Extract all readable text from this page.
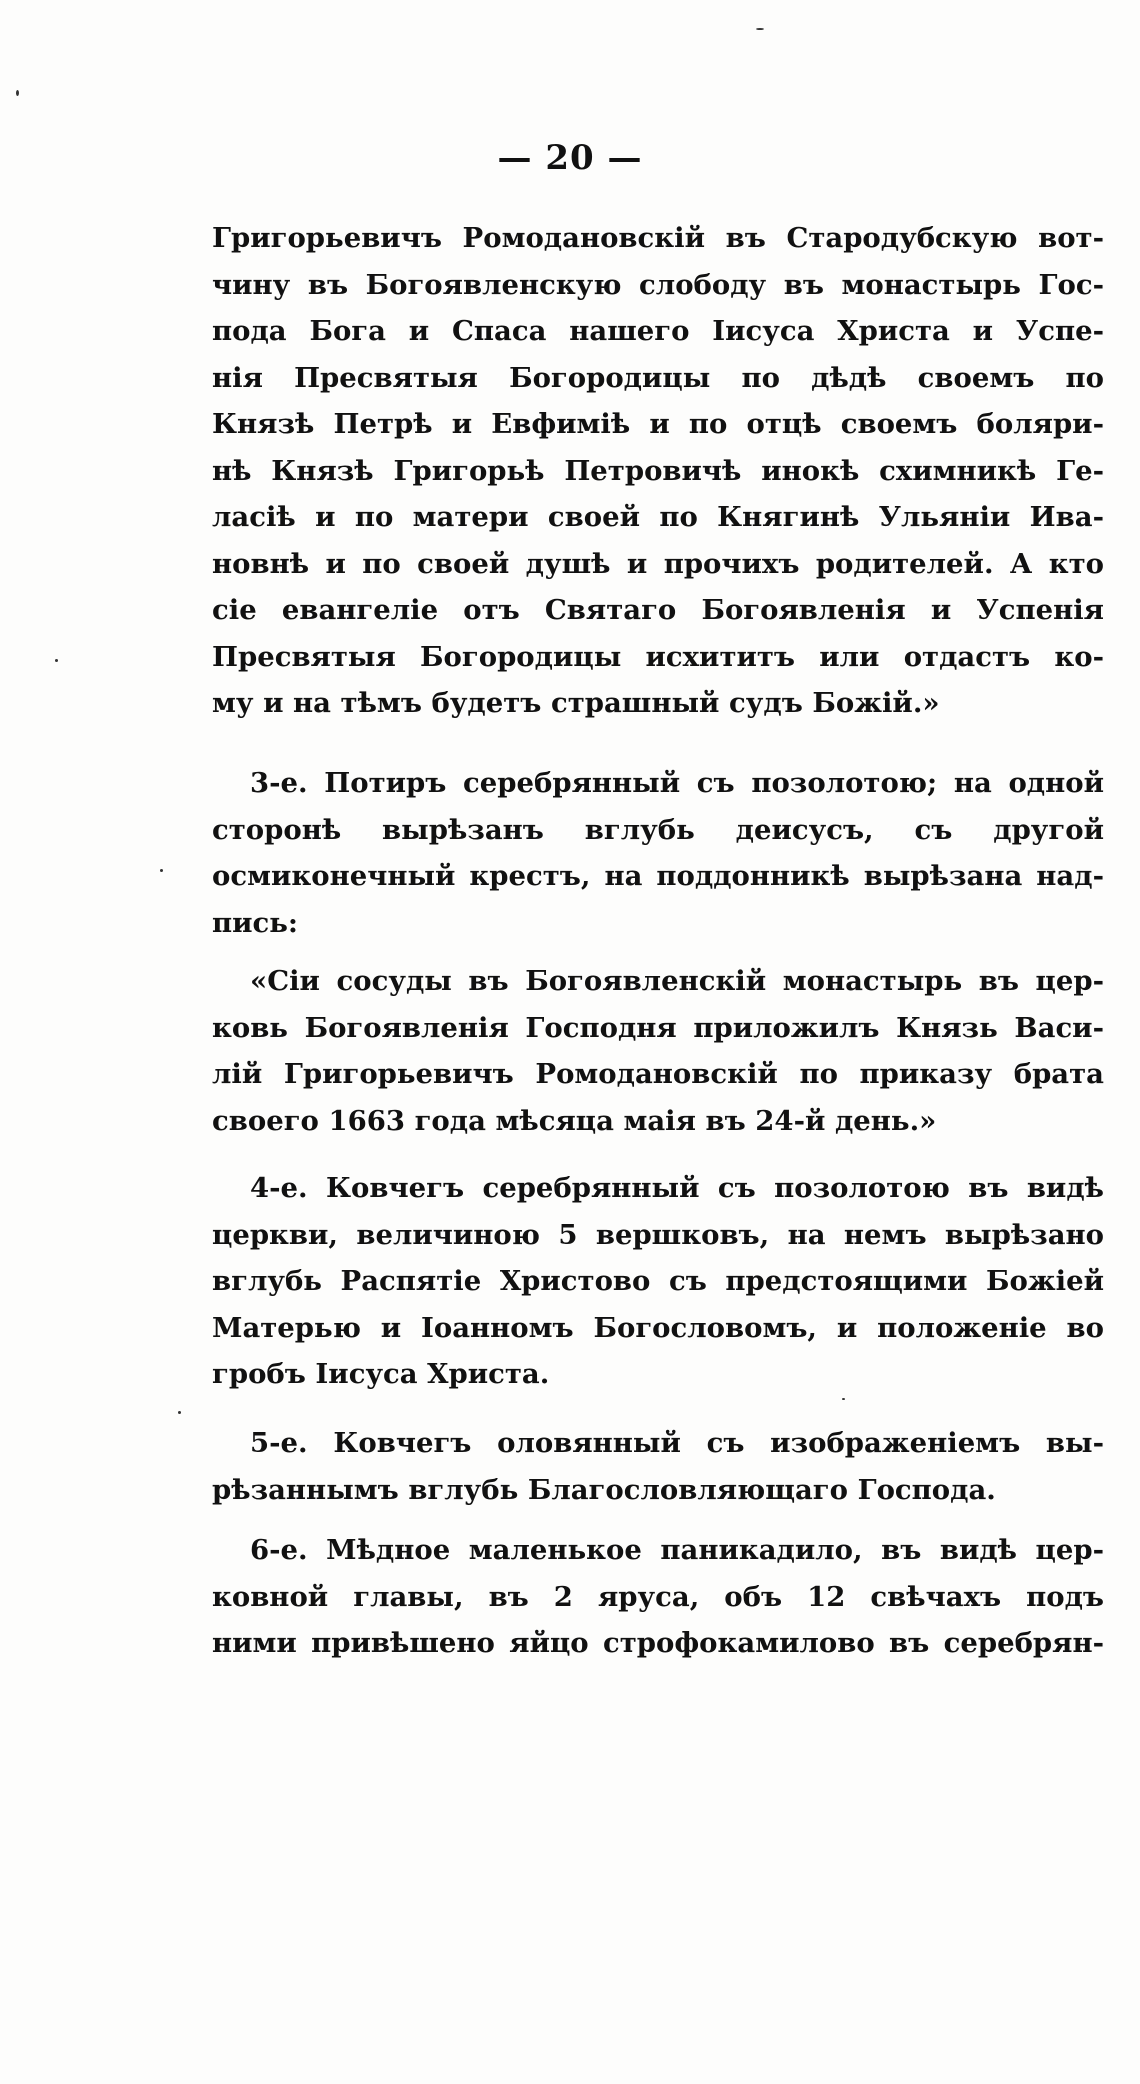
— 20 —
Григорьевичъ Ромодановскій въ Стародубскую вот-
чину въ Богоявленскую слободу въ монастырь Гос-
пода Бога и Спаса нашего Іисуса Христа и Успе-
нія Пресвятыя Богородицы по дѣдѣ своемъ по
Князѣ Петрѣ и Евфиміѣ и по отцѣ своемъ боляри-
нѣ Князѣ Григорьѣ Петровичѣ инокѣ схимникѣ Ге-
ласіѣ и по матери своей по Княгинѣ Ульяніи Ива-
новнѣ и по своей душѣ и прочихъ родителей. А кто
сіе евангеліе отъ Святаго Богоявленія и Успенія
Пресвятыя Богородицы исхититъ или отдастъ ко-
му и на тѣмъ будетъ страшный судъ Божій.»
3-е. Потиръ серебрянный съ позолотою; на одной
сторонѣ вырѣзанъ вглубь деисусъ, съ другой
осмиконечный крестъ, на поддонникѣ вырѣзана над-
пись:
«Сіи сосуды въ Богоявленскій монастырь въ цер-
ковь Богоявленія Господня приложилъ Князь Васи-
лій Григорьевичъ Ромодановскій по приказу брата
своего 1663 года мѣсяца маія въ 24-й день.»
4-е. Ковчегъ серебрянный съ позолотою въ видѣ
церкви, величиною 5 вершковъ, на немъ вырѣзано
вглубь Распятіе Христово съ предстоящими Божіей
Матерью и Іоанномъ Богословомъ, и положеніе во
гробъ Іисуса Христа.
5-е. Ковчегъ оловянный съ изображеніемъ вы-
рѣзаннымъ вглубь Благословляющаго Господа.
6-е. Мѣдное маленькое паникадило, въ видѣ цер-
ковной главы, въ 2 яруса, объ 12 свѣчахъ подъ
ними привѣшено яйцо строфокамилово въ серебрян-
